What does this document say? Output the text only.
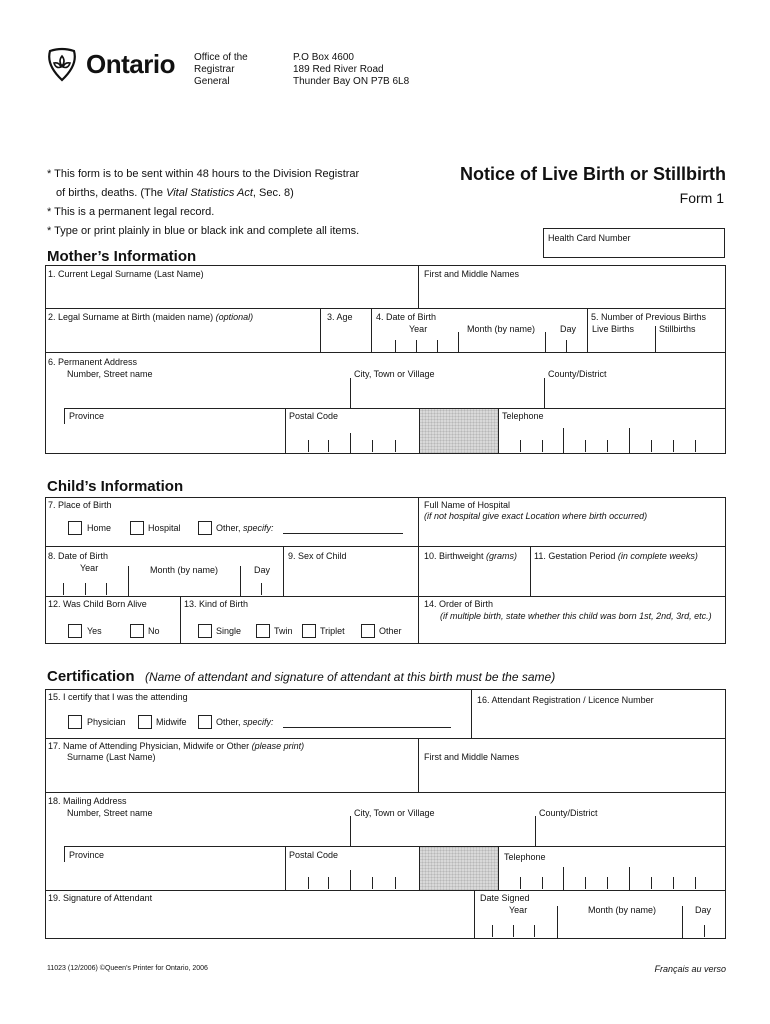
Ontario Office of the
Registrar
General
P.O Box 4600
189 Red River Road
Thunder Bay ON P7B 6L8
* This form is to be sent within 48 hours to the Division Registrar
of births, deaths. (The Vital Statistics Act, Sec. 8)
* This is a permanent legal record.
* Type or print plainly in blue or black ink and complete all items.
Notice of Live Birth or Stillbirth
Form 1
Health Card Number
Mother’s Information
1. Current Legal Surname (Last Name)	First and Middle Names
2. Legal Surname at Birth (maiden name) (optional)	3. Age	4. Date of Birth
Year	Month (by name)	Day
5. Number of Previous Births
Live Births	Stillbirths
6. Permanent Address
Number, Street name	City, Town or Village	County/District
Province	Postal Code	Telephone
Child’s Information
7. Place of Birth
Home	Hospital	Other, specify:
Full Name of Hospital
(if not hospital give exact Location where birth occurred)
8. Date of Birth
Year	Month (by name)	Day
9. Sex of Child	10. Birthweight (grams) 11. Gestation Period (in complete weeks)
12. Was Child Born Alive
Yes	No
13. Kind of Birth
Single	Twin	Triplet	Other
14. Order of Birth
(if multiple birth, state whether this child was born 1st, 2nd, 3rd, etc.)
Certification (Name of attendant and signature of attendant at this birth must be the same)
15. I certify that I was the attending
Physician	Midwife	Other, specify:
16. Attendant Registration / Licence Number
17. Name of Attending Physician, Midwife or Other (please print)
Surname (Last Name)	First and Middle Names
18. Mailing Address
Number, Street name	City, Town or Village	County/District
Province	Postal Code	Telephone
19. Signature of Attendant	Date Signed
Year	Month (by name)	Day
11023 (12/2006) ©Queen’s Printer for Ontario, 2006	Français au verso
